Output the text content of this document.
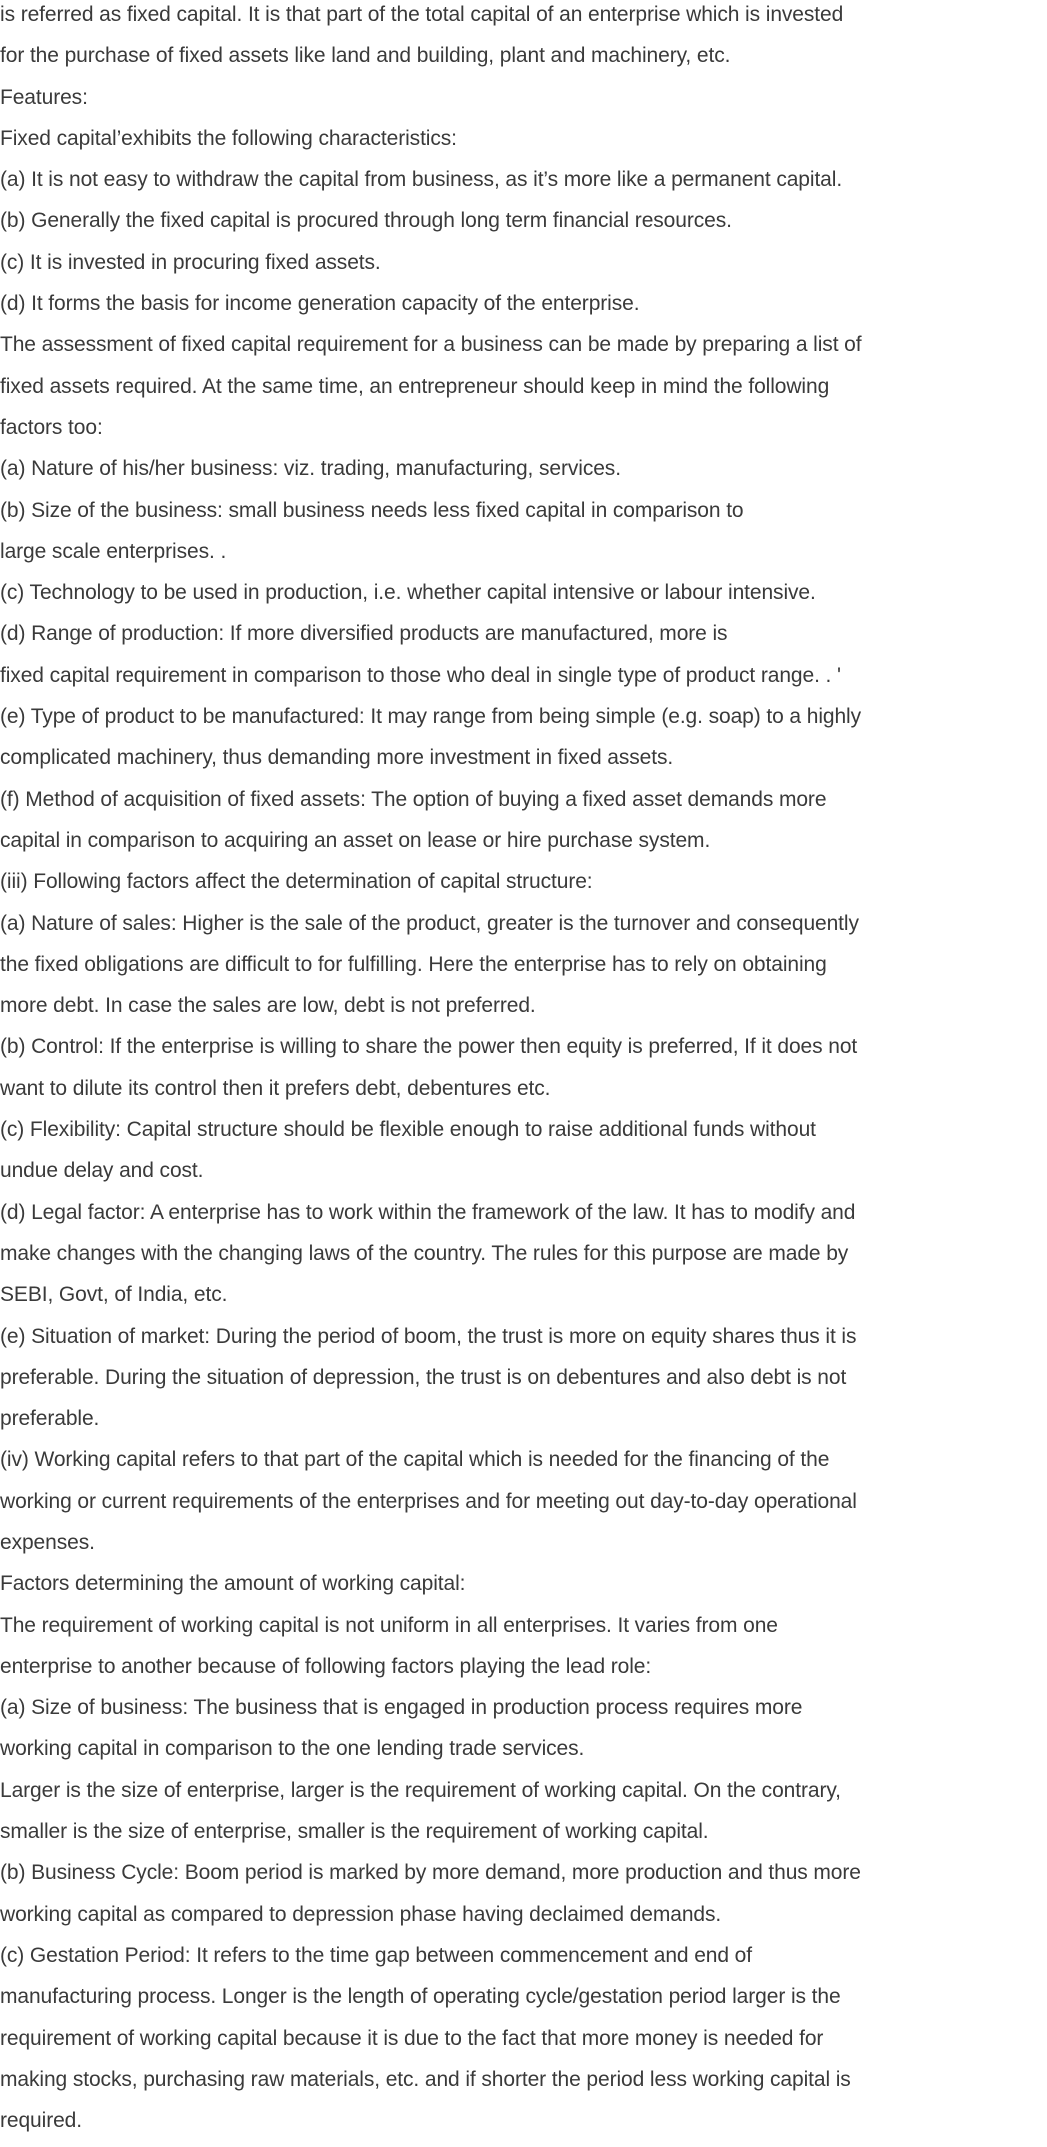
is referred as fixed capital. It is that part of the total capital of an enterprise which is invested
for the purchase of fixed assets like land and building, plant and machinery, etc.
Features:
Fixed capital’exhibits the following characteristics:
(a) It is not easy to withdraw the capital from business, as it’s more like a permanent capital.
(b) Generally the fixed capital is procured through long term financial resources.
(c) It is invested in procuring fixed assets.
(d) It forms the basis for income generation capacity of the enterprise.
The assessment of fixed capital requirement for a business can be made by preparing a list of
fixed assets required. At the same time, an entrepreneur should keep in mind the following
factors too:
(a) Nature of his/her business: viz. trading, manufacturing, services.
(b) Size of the business: small business needs less fixed capital in comparison to
large scale enterprises. .
(c) Technology to be used in production, i.e. whether capital intensive or labour intensive.
(d) Range of production: If more diversified products are manufactured, more is
fixed capital requirement in comparison to those who deal in single type of product range. . '
(e) Type of product to be manufactured: It may range from being simple (e.g. soap) to a highly
complicated machinery, thus demanding more investment in fixed assets.
(f) Method of acquisition of fixed assets: The option of buying a fixed asset demands more
capital in comparison to acquiring an asset on lease or hire purchase system.
(iii) Following factors affect the determination of capital structure:
(a) Nature of sales: Higher is the sale of the product, greater is the turnover and consequently
the fixed obligations are difficult to for fulfilling. Here the enterprise has to rely on obtaining
more debt. In case the sales are low, debt is not preferred.
(b) Control: If the enterprise is willing to share the power then equity is preferred, If it does not
want to dilute its control then it prefers debt, debentures etc.
(c) Flexibility: Capital structure should be flexible enough to raise additional funds without
undue delay and cost.
(d) Legal factor: A enterprise has to work within the framework of the law. It has to modify and
make changes with the changing laws of the country. The rules for this purpose are made by
SEBI, Govt, of India, etc.
(e) Situation of market: During the period of boom, the trust is more on equity shares thus it is
preferable. During the situation of depression, the trust is on debentures and also debt is not
preferable.
(iv) Working capital refers to that part of the capital which is needed for the financing of the
working or current requirements of the enterprises and for meeting out day-to-day operational
expenses.
Factors determining the amount of working capital:
The requirement of working capital is not uniform in all enterprises. It varies from one
enterprise to another because of following factors playing the lead role:
(a) Size of business: The business that is engaged in production process requires more
working capital in comparison to the one lending trade services.
Larger is the size of enterprise, larger is the requirement of working capital. On the contrary,
smaller is the size of enterprise, smaller is the requirement of working capital.
(b) Business Cycle: Boom period is marked by more demand, more production and thus more
working capital as compared to depression phase having declaimed demands.
(c) Gestation Period: It refers to the time gap between commencement and end of
manufacturing process. Longer is the length of operating cycle/gestation period larger is the
requirement of working capital because it is due to the fact that more money is needed for
making stocks, purchasing raw materials, etc. and if shorter the period less working capital is
required.
